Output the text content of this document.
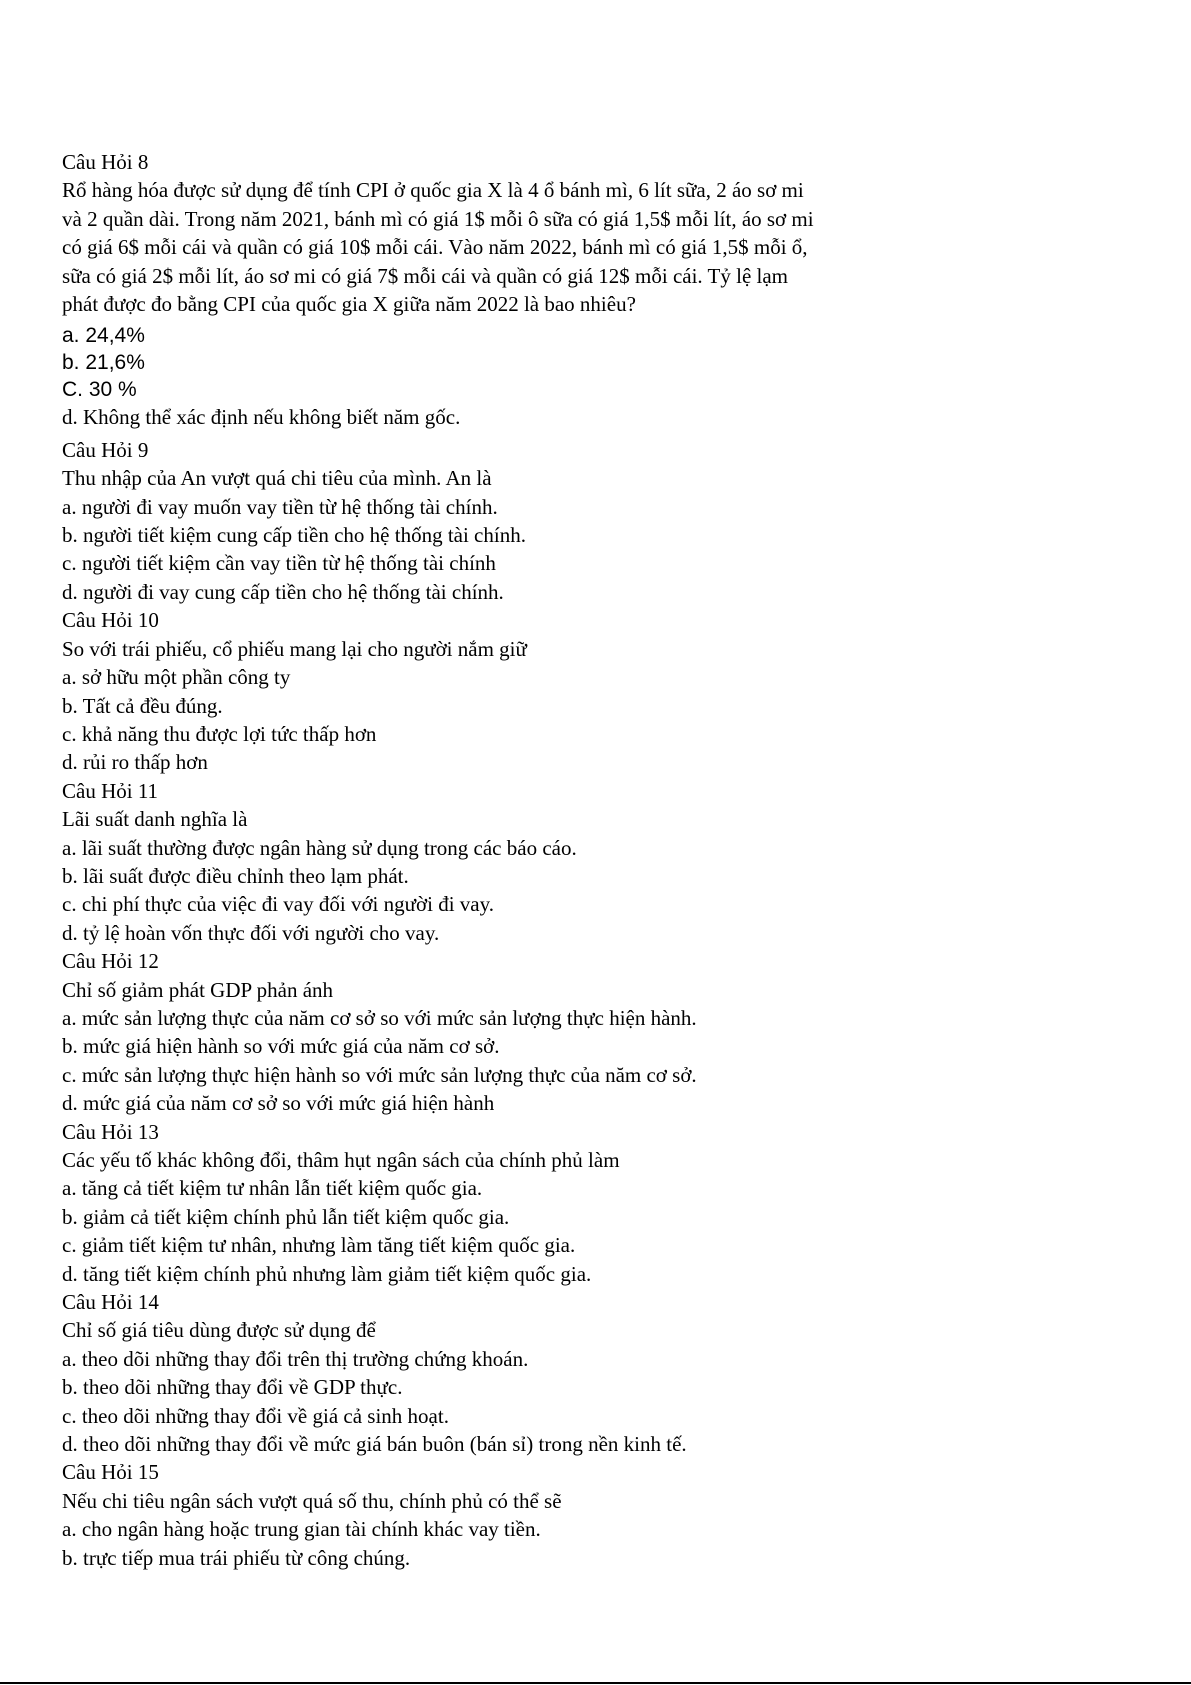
Câu Hỏi 8
Rổ hàng hóa được sử dụng để tính CPI ở quốc gia X là 4 ổ bánh mì, 6 lít sữa, 2 áo sơ mi
và 2 quần dài. Trong năm 2021, bánh mì có giá 1$ mỗi ô sữa có giá 1,5$ mỗi lít, áo sơ mi
có giá 6$ mỗi cái và quần có giá 10$ mỗi cái. Vào năm 2022, bánh mì có giá 1,5$ mỗi ổ,
sữa có giá 2$ mỗi lít, áo sơ mi có giá 7$ mỗi cái và quần có giá 12$ mỗi cái. Tỷ lệ lạm
phát được đo bằng CPI của quốc gia X giữa năm 2022 là bao nhiêu?
a. 24,4%
b. 21,6%
C. 30 %
d. Không thể xác định nếu không biết năm gốc.
Câu Hỏi 9
Thu nhập của An vượt quá chi tiêu của mình. An là
a. người đi vay muốn vay tiền từ hệ thống tài chính.
b. người tiết kiệm cung cấp tiền cho hệ thống tài chính.
c. người tiết kiệm cần vay tiền từ hệ thống tài chính
d. người đi vay cung cấp tiền cho hệ thống tài chính.
Câu Hỏi 10
So với trái phiếu, cổ phiếu mang lại cho người nắm giữ
a. sở hữu một phần công ty
b. Tất cả đều đúng.
c. khả năng thu được lợi tức thấp hơn
d. rủi ro thấp hơn
Câu Hỏi 11
Lãi suất danh nghĩa là
a. lãi suất thường được ngân hàng sử dụng trong các báo cáo.
b. lãi suất được điều chỉnh theo lạm phát.
c. chi phí thực của việc đi vay đối với người đi vay.
d. tỷ lệ hoàn vốn thực đối với người cho vay.
Câu Hỏi 12
Chỉ số giảm phát GDP phản ánh
a. mức sản lượng thực của năm cơ sở so với mức sản lượng thực hiện hành.
b. mức giá hiện hành so với mức giá của năm cơ sở.
c. mức sản lượng thực hiện hành so với mức sản lượng thực của năm cơ sở.
d. mức giá của năm cơ sở so với mức giá hiện hành
Câu Hỏi 13
Các yếu tố khác không đổi, thâm hụt ngân sách của chính phủ làm
a. tăng cả tiết kiệm tư nhân lẫn tiết kiệm quốc gia.
b. giảm cả tiết kiệm chính phủ lẫn tiết kiệm quốc gia.
c. giảm tiết kiệm tư nhân, nhưng làm tăng tiết kiệm quốc gia.
d. tăng tiết kiệm chính phủ nhưng làm giảm tiết kiệm quốc gia.
Câu Hỏi 14
Chỉ số giá tiêu dùng được sử dụng để
a. theo dõi những thay đổi trên thị trường chứng khoán.
b. theo dõi những thay đổi về GDP thực.
c. theo dõi những thay đổi về giá cả sinh hoạt.
d. theo dõi những thay đổi về mức giá bán buôn (bán sỉ) trong nền kinh tế.
Câu Hỏi 15
Nếu chi tiêu ngân sách vượt quá số thu, chính phủ có thể sẽ
a. cho ngân hàng hoặc trung gian tài chính khác vay tiền.
b. trực tiếp mua trái phiếu từ công chúng.
